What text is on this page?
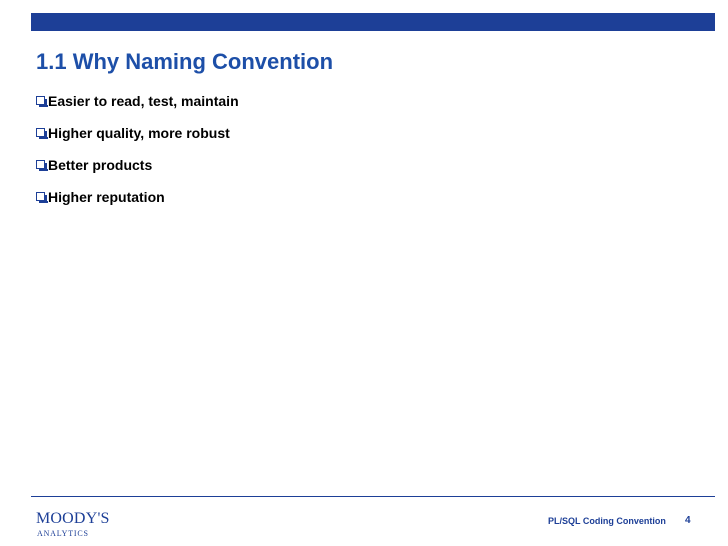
1.1 Why Naming Convention
Easier to read, test, maintain
Higher quality, more robust
Better products
Higher reputation
MOODY'S
ANALYTICS
PL/SQL Coding Convention 4
